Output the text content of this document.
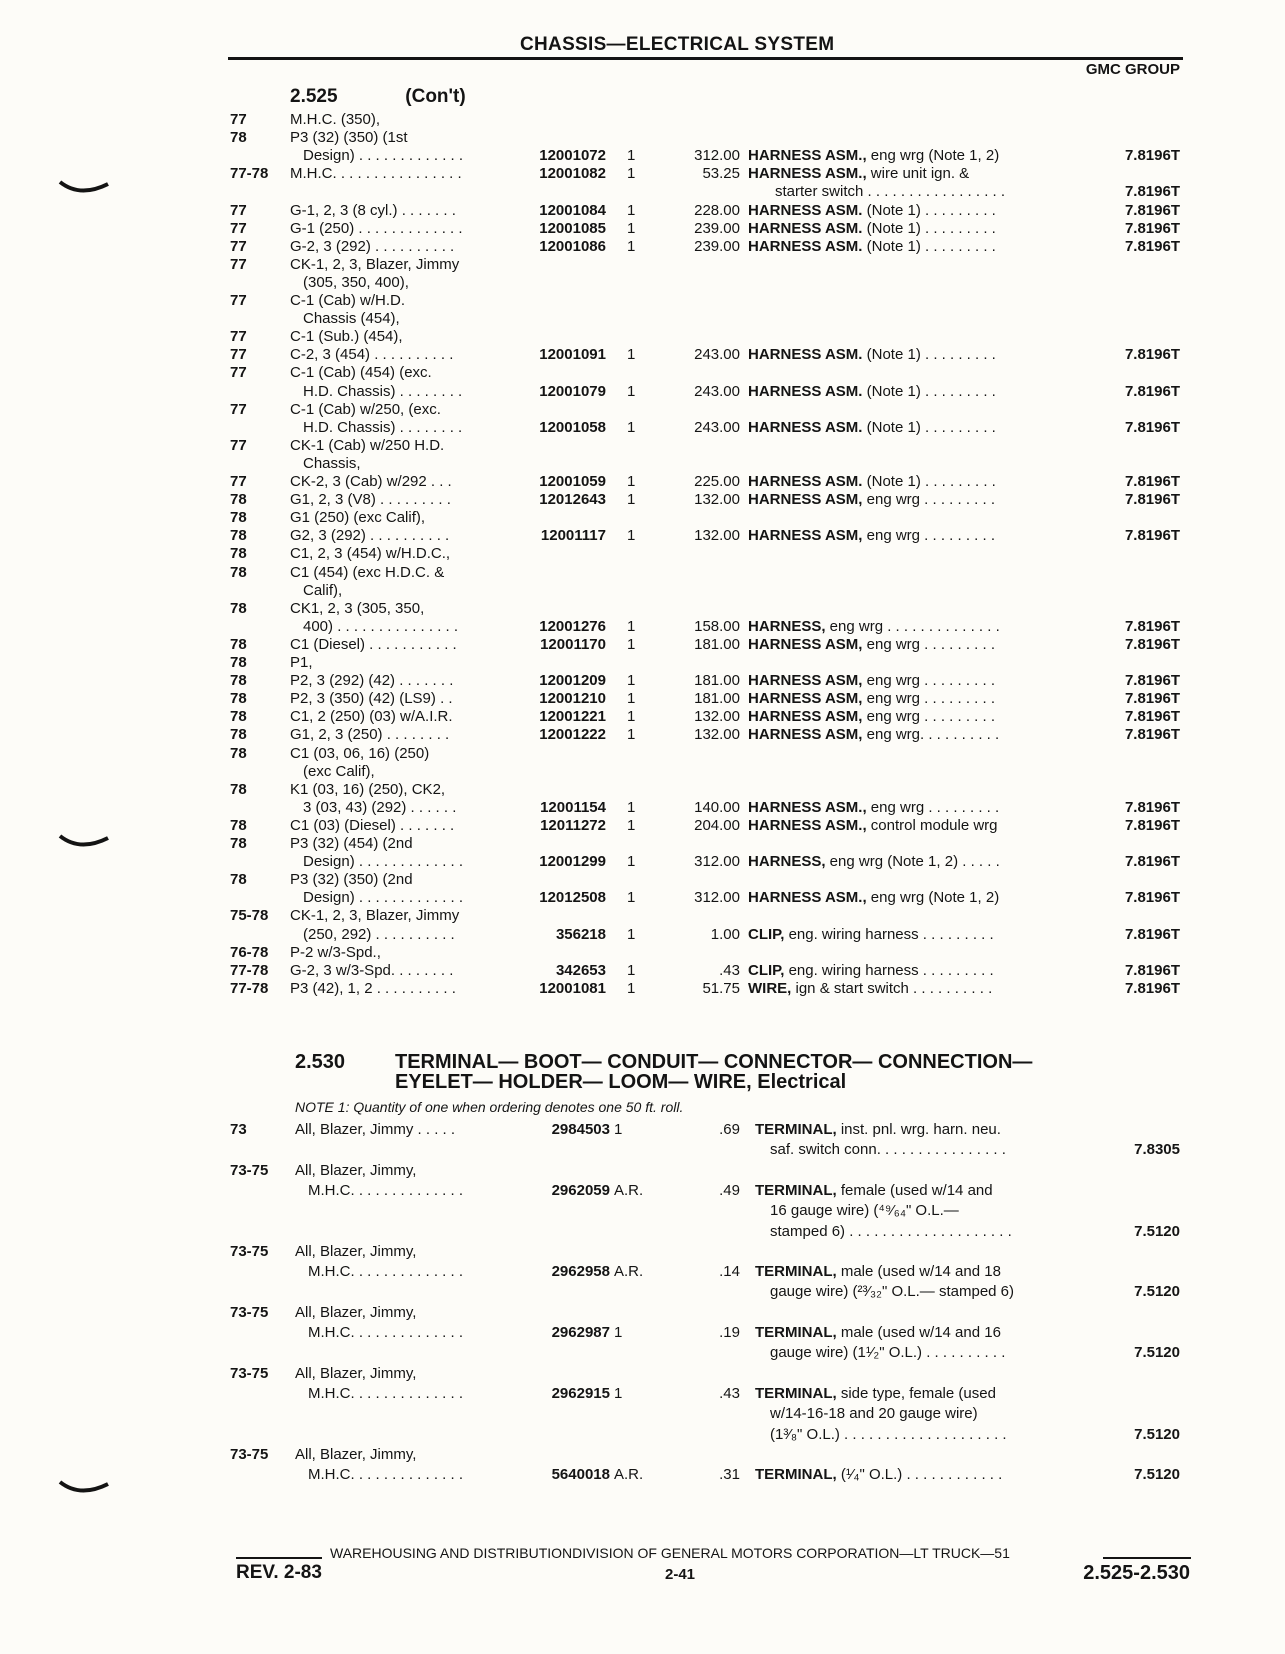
CHASSIS—ELECTRICAL SYSTEM
GMC GROUP
2.525	(Con't)
77	M.H.C. (350),
78	P3 (32) (350) (1st
Design) . . . . . . . . . . . . .	12001072 1	312.00 HARNESS ASM., eng wrg (Note 1, 2)	7.8196T
77-78 M.H.C. . . . . . . . . . . . . . . .	12001082 1	53.25 HARNESS ASM., wire unit ign. &
starter switch . . . . . . . . . . . . . . . . .	7.8196T
77	G-1, 2, 3 (8 cyl.) . . . . . . .	12001084 1	228.00 HARNESS ASM. (Note 1) . . . . . . . . .	7.8196T
77	G-1 (250) . . . . . . . . . . . . .	12001085 1	239.00 HARNESS ASM. (Note 1) . . . . . . . . .	7.8196T
77	G-2, 3 (292) . . . . . . . . . .	12001086 1	239.00 HARNESS ASM. (Note 1) . . . . . . . . .	7.8196T
77	CK-1, 2, 3, Blazer, Jimmy
(305, 350, 400),
77	C-1 (Cab) w/H.D.
Chassis (454),
77	C-1 (Sub.) (454),
77	C-2, 3 (454) . . . . . . . . . .	12001091 1	243.00 HARNESS ASM. (Note 1) . . . . . . . . .	7.8196T
77	C-1 (Cab) (454) (exc.
H.D. Chassis) . . . . . . . .	12001079 1	243.00 HARNESS ASM. (Note 1) . . . . . . . . .	7.8196T
77	C-1 (Cab) w/250, (exc.
H.D. Chassis) . . . . . . . .	12001058 1	243.00 HARNESS ASM. (Note 1) . . . . . . . . .	7.8196T
77	CK-1 (Cab) w/250 H.D.
Chassis,
77	CK-2, 3 (Cab) w/292 . . .	12001059 1	225.00 HARNESS ASM. (Note 1) . . . . . . . . .	7.8196T
78	G1, 2, 3 (V8) . . . . . . . . .	12012643 1	132.00 HARNESS ASM, eng wrg . . . . . . . . .	7.8196T
78	G1 (250) (exc Calif),
78	G2, 3 (292) . . . . . . . . . .	12001117 1	132.00 HARNESS ASM, eng wrg . . . . . . . . .	7.8196T
78	C1, 2, 3 (454) w/H.D.C.,
78	C1 (454) (exc H.D.C. &
Calif),
78	CK1, 2, 3 (305, 350,
400) . . . . . . . . . . . . . . .	12001276 1	158.00 HARNESS, eng wrg . . . . . . . . . . . . . .	7.8196T
78	C1 (Diesel) . . . . . . . . . . .	12001170 1	181.00 HARNESS ASM, eng wrg . . . . . . . . .	7.8196T
78	P1,
78	P2, 3 (292) (42) . . . . . . .	12001209 1	181.00 HARNESS ASM, eng wrg . . . . . . . . .	7.8196T
78	P2, 3 (350) (42) (LS9) . .	12001210 1	181.00 HARNESS ASM, eng wrg . . . . . . . . .	7.8196T
78	C1, 2 (250) (03) w/A.I.R.	12001221 1	132.00 HARNESS ASM, eng wrg . . . . . . . . .	7.8196T
78	G1, 2, 3 (250) . . . . . . . .	12001222 1	132.00 HARNESS ASM, eng wrg. . . . . . . . . .	7.8196T
78	C1 (03, 06, 16) (250)
(exc Calif),
78	K1 (03, 16) (250), CK2,
3 (03, 43) (292) . . . . . .	12001154 1	140.00 HARNESS ASM., eng wrg . . . . . . . . .	7.8196T
78	C1 (03) (Diesel) . . . . . . .	12011272 1	204.00 HARNESS ASM., control module wrg	7.8196T
78	P3 (32) (454) (2nd
Design) . . . . . . . . . . . . .	12001299 1	312.00 HARNESS, eng wrg (Note 1, 2) . . . . .	7.8196T
78	P3 (32) (350) (2nd
Design) . . . . . . . . . . . . .	12012508 1	312.00 HARNESS ASM., eng wrg (Note 1, 2)	7.8196T
75-78 CK-1, 2, 3, Blazer, Jimmy
(250, 292) . . . . . . . . . .	356218 1	1.00 CLIP, eng. wiring harness . . . . . . . . .	7.8196T
76-78 P-2 w/3-Spd.,
77-78 G-2, 3 w/3-Spd. . . . . . . .	342653 1	.43 CLIP, eng. wiring harness . . . . . . . . .	7.8196T
77-78 P3 (42), 1, 2 . . . . . . . . . .	12001081 1	51.75 WIRE, ign & start switch . . . . . . . . . .	7.8196T
2.530	TERMINAL— BOOT— CONDUIT— CONNECTOR— CONNECTION—
EYELET— HOLDER— LOOM— WIRE, Electrical
NOTE 1: Quantity of one when ordering denotes one 50 ft. roll.
73	All, Blazer, Jimmy . . . . .	2984503 1	.69 TERMINAL, inst. pnl. wrg. harn. neu.
saf. switch conn. . . . . . . . . . . . . . . .	7.8305
73-75 All, Blazer, Jimmy,
M.H.C. . . . . . . . . . . . . .	2962059 A.R.	.49 TERMINAL, female (used w/14 and
16 gauge wire) (⁴⁹⁄₆₄" O.L.—
stamped 6) . . . . . . . . . . . . . . . . . . . .	7.5120
73-75 All, Blazer, Jimmy,
M.H.C. . . . . . . . . . . . . .	2962958 A.R.	.14 TERMINAL, male (used w/14 and 18
gauge wire) (²³⁄₃₂" O.L.— stamped 6)	7.5120
73-75 All, Blazer, Jimmy,
M.H.C. . . . . . . . . . . . . .	2962987 1	.19 TERMINAL, male (used w/14 and 16
gauge wire) (1¹⁄₂" O.L.) . . . . . . . . . .	7.5120
73-75 All, Blazer, Jimmy,
M.H.C. . . . . . . . . . . . . .	2962915 1	.43 TERMINAL, side type, female (used
w/14-16-18 and 20 gauge wire)
(1³⁄₈" O.L.) . . . . . . . . . . . . . . . . . . . .	7.5120
73-75 All, Blazer, Jimmy,
M.H.C. . . . . . . . . . . . . .	5640018 A.R.	.31 TERMINAL, (¹⁄₄" O.L.) . . . . . . . . . . . .	7.5120
WAREHOUSING AND DISTRIBUTIONDIVISION OF GENERAL MOTORS CORPORATION—LT TRUCK—51
REV. 2-83	2-41	2.525-2.530
